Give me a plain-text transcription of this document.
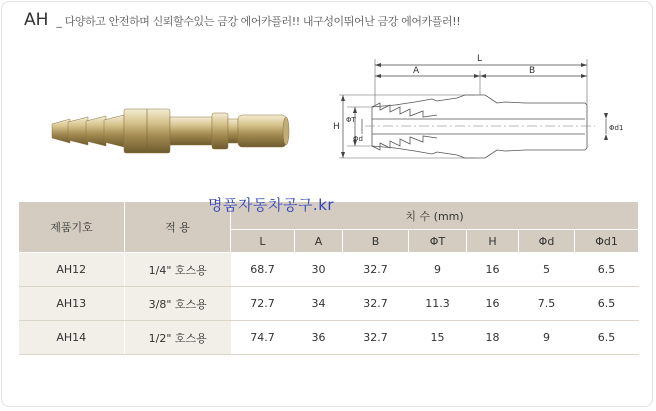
AH _ 다양하고 안전하며 신뢰할수있는 금강 에어카플러!! 내구성이뛰어난 금강 에어카플러!!
L
A	B
H
ΦT
Φd
Φd1
제품기호	적 용	치 수 (mm)						
		L	A	B	ΦT	H	Φd	Φd1
AH12	1/4" 호스용	68.7	30	32.7	9	16	5	6.5
AH13	3/8" 호스용	72.7	34	32.7	11.3	16	7.5	6.5
AH14	1/2" 호스용	74.7	36	32.7	15	18	9	6.5
명품자동차공구.kr
